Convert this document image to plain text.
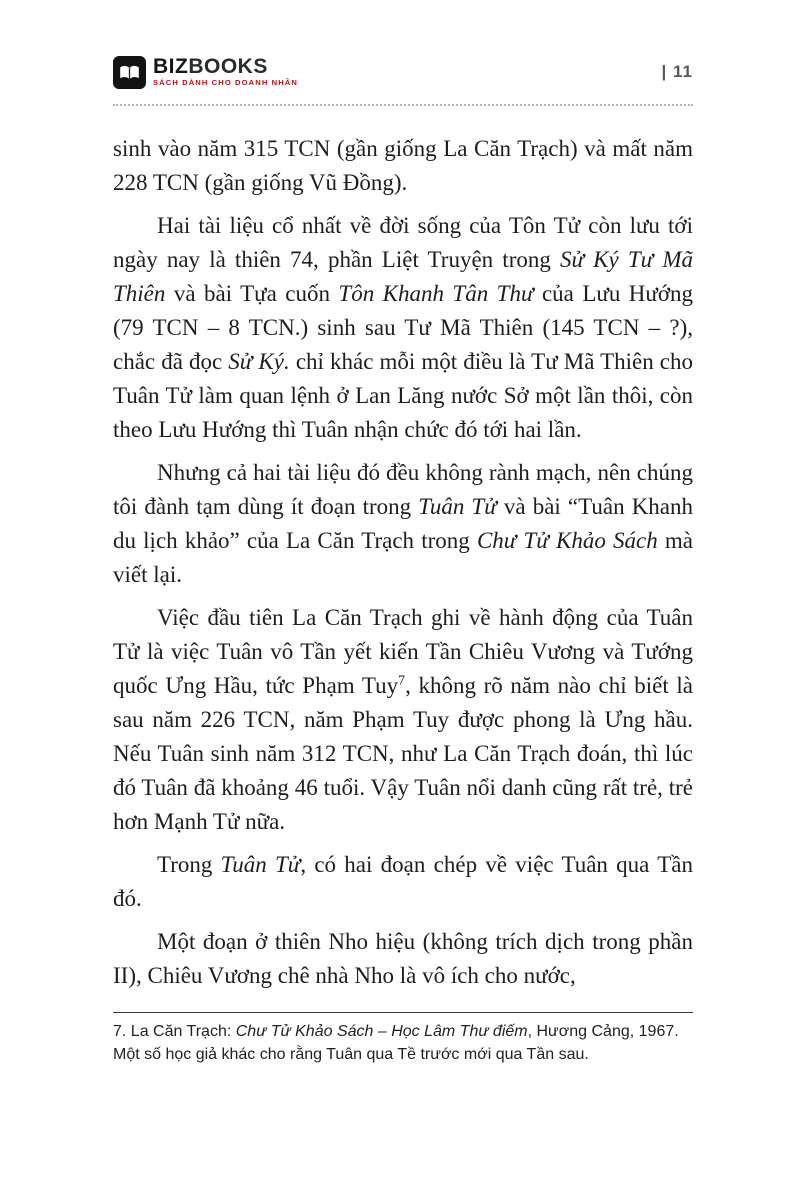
BIZBOOKS
SÁCH DÀNH CHO DOANH NHÂN
| 11

sinh vào năm 315 TCN (gần giống La Căn Trạch) và mất năm 228 TCN (gần giống Vũ Đồng).

Hai tài liệu cổ nhất về đời sống của Tôn Tử còn lưu tới ngày nay là thiên 74, phần Liệt Truyện trong Sử Ký Tư Mã Thiên và bài Tựa cuốn Tôn Khanh Tân Thư của Lưu Hướng (79 TCN – 8 TCN.) sinh sau Tư Mã Thiên (145 TCN – ?), chắc đã đọc Sử Ký. chỉ khác mỗi một điều là Tư Mã Thiên cho Tuân Tử làm quan lệnh ở Lan Lăng nước Sở một lần thôi, còn theo Lưu Hướng thì Tuân nhận chức đó tới hai lần.

Nhưng cả hai tài liệu đó đều không rành mạch, nên chúng tôi đành tạm dùng ít đoạn trong Tuân Tử và bài “Tuân Khanh du lịch khảo” của La Căn Trạch trong Chư Tử Khảo Sách mà viết lại.

Việc đầu tiên La Căn Trạch ghi về hành động của Tuân Tử là việc Tuân vô Tần yết kiến Tần Chiêu Vương và Tướng quốc Ưng Hầu, tức Phạm Tuy$^7$, không rõ năm nào chỉ biết là sau năm 226 TCN, năm Phạm Tuy được phong là Ưng hầu. Nếu Tuân sinh năm 312 TCN, như La Căn Trạch đoán, thì lúc đó Tuân đã khoảng 46 tuổi. Vậy Tuân nổi danh cũng rất trẻ, trẻ hơn Mạnh Tử nữa.

Trong Tuân Tử, có hai đoạn chép về việc Tuân qua Tần đó.

Một đoạn ở thiên Nho hiệu (không trích dịch trong phần II), Chiêu Vương chê nhà Nho là vô ích cho nước,

7. La Căn Trạch: Chư Tử Khảo Sách – Học Lâm Thư điếm, Hương Cảng, 1967. Một số học giả khác cho rằng Tuân qua Tề trước mới qua Tần sau.
